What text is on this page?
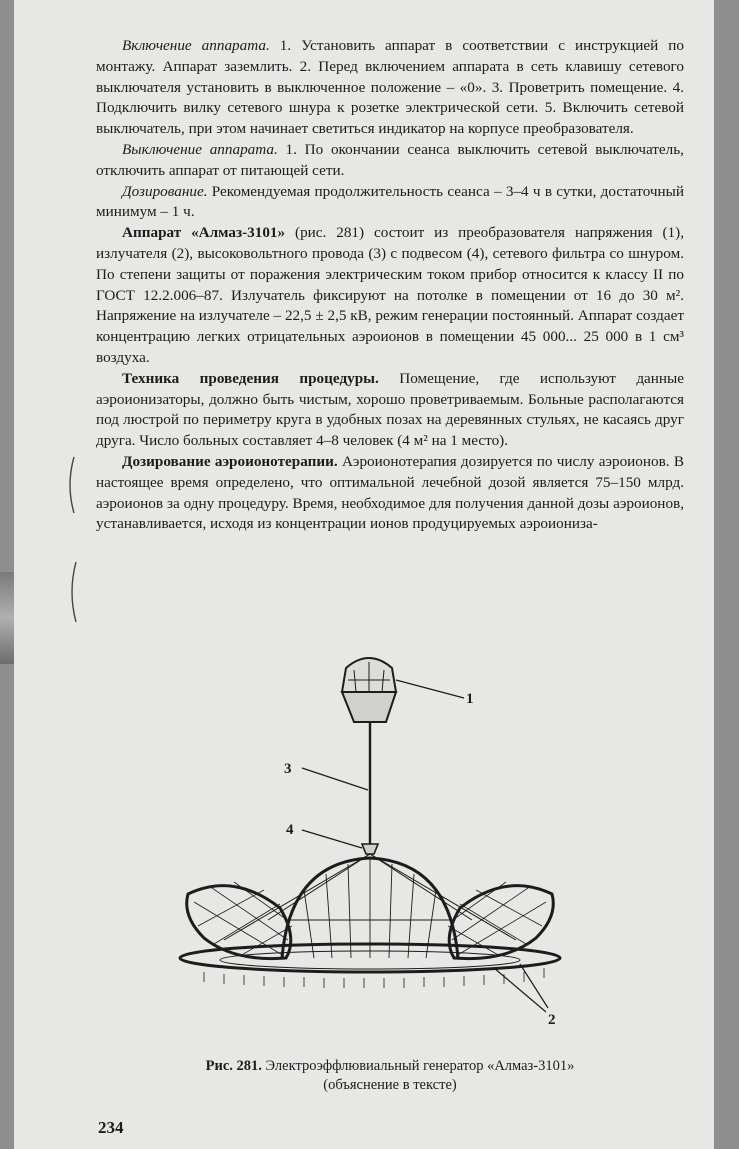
Включение аппарата. 1. Установить аппарат в соответствии с инструкцией по монтажу. Аппарат заземлить. 2. Перед включением аппарата в сеть клавишу сетевого выключателя установить в выключенное положение – «0». 3. Проветрить помещение. 4. Подключить вилку сетевого шнура к розетке электрической сети. 5. Включить сетевой выключатель, при этом начинает светиться индикатор на корпусе преобразователя.

Выключение аппарата. 1. По окончании сеанса выключить сетевой выключатель, отключить аппарат от питающей сети.

Дозирование. Рекомендуемая продолжительность сеанса – 3–4 ч в сутки, достаточный минимум – 1 ч.

Аппарат «Алмаз-3101» (рис. 281) состоит из преобразователя напряжения (1), излучателя (2), высоковольтного провода (3) с подвесом (4), сетевого фильтра со шнуром. По степени защиты от поражения электрическим током прибор относится к классу II по ГОСТ 12.2.006–87. Излучатель фиксируют на потолке в помещении от 16 до 30 м². Напряжение на излучателе – 22,5 ± 2,5 кВ, режим генерации постоянный. Аппарат создает концентрацию легких отрицательных аэроионов в помещении 45 000... 25 000 в 1 см³ воздуха.

Техника проведения процедуры. Помещение, где используют данные аэроионизаторы, должно быть чистым, хорошо проветриваемым. Больные располагаются под люстрой по периметру круга в удобных позах на деревянных стульях, не касаясь друг друга. Число больных составляет 4–8 человек (4 м² на 1 место).

Дозирование аэроионотерапии. Аэроионотерапия дозируется по числу аэроионов. В настоящее время определено, что оптимальной лечебной дозой является 75–150 млрд. аэроионов за одну процедуру. Время, необходимое для получения данной дозы аэроионов, устанавливается, исходя из концентрации ионов продуцируемых аэроиониза-

1
3
4
2
Рис. 281. Электроэффлювиальный генератор «Алмаз-3101»
(объяснение в тексте)
234
